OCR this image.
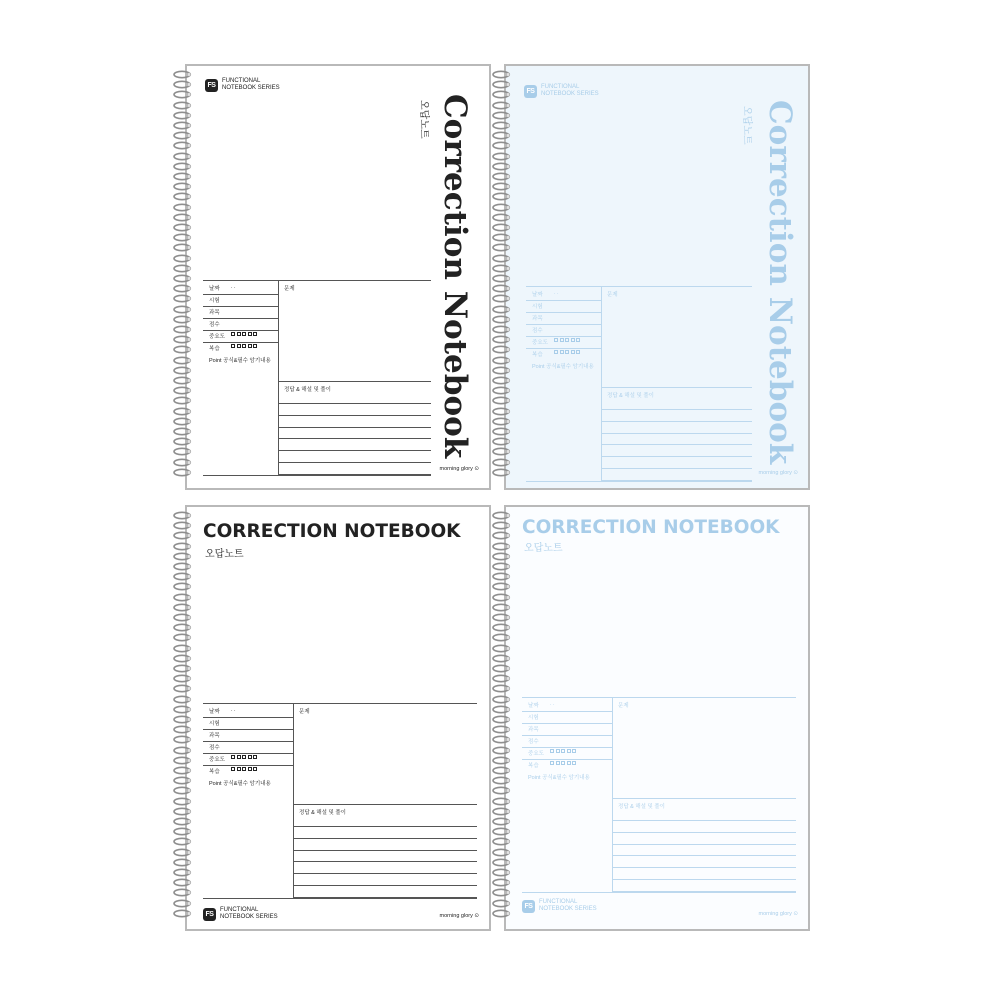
FS
FUNCTIONAL
NOTEBOOK SERIES
오답노트 Correction Notebook
날짜
시험
과목
점수
중요도
복습
. .
Point 공식&필수 암기내용
문제
정답 & 해설 및 풀이
morning glory ⊙
FS
FUNCTIONAL
NOTEBOOK SERIES
오답노트 Correction Notebook
날짜
시험
과목
점수
중요도
복습
. .
Point 공식&필수 암기내용
문제
정답 & 해설 및 풀이
morning glory ⊙
CORRECTION NOTEBOOK
오답노트
날짜
시험
과목
점수
중요도
복습
. .
Point 공식&필수 암기내용
문제
정답 & 해설 및 풀이
FS
FUNCTIONAL
NOTEBOOK SERIES	morning glory ⊙
CORRECTION NOTEBOOK
오답노트
날짜
시험
과목
점수
중요도
복습
. .
Point 공식&필수 암기내용
문제
정답 & 해설 및 풀이
FS
FUNCTIONAL
NOTEBOOK SERIES
morning glory ⊙
